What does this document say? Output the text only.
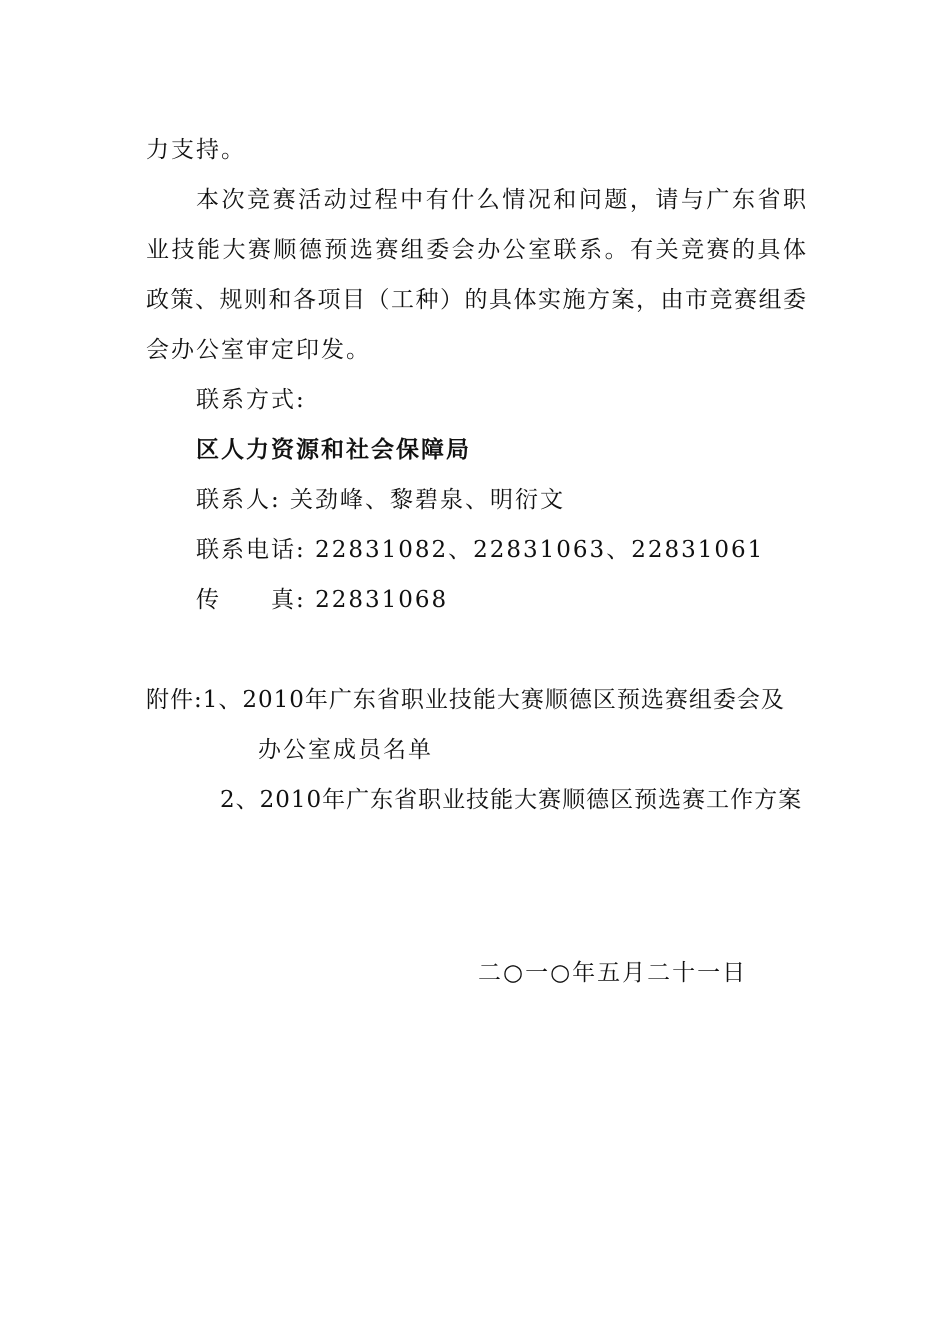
力支持。
本次竞赛活动过程中有什么情况和问题，请与广东省职
业技能大赛顺德预选赛组委会办公室联系。有关竞赛的具体
政策、规则和各项目（工种）的具体实施方案，由市竞赛组委
会办公室审定印发。
联系方式:
区人力资源和社会保障局
联系人: 关劲峰、黎碧泉、明衍文
联系电话: 22831082、22831063、22831061
传 真: 22831068
附件:1、2010年广东省职业技能大赛顺德区预选赛组委会及
办公室成员名单
2、2010年广东省职业技能大赛顺德区预选赛工作方案
二○一○年五月二十一日
